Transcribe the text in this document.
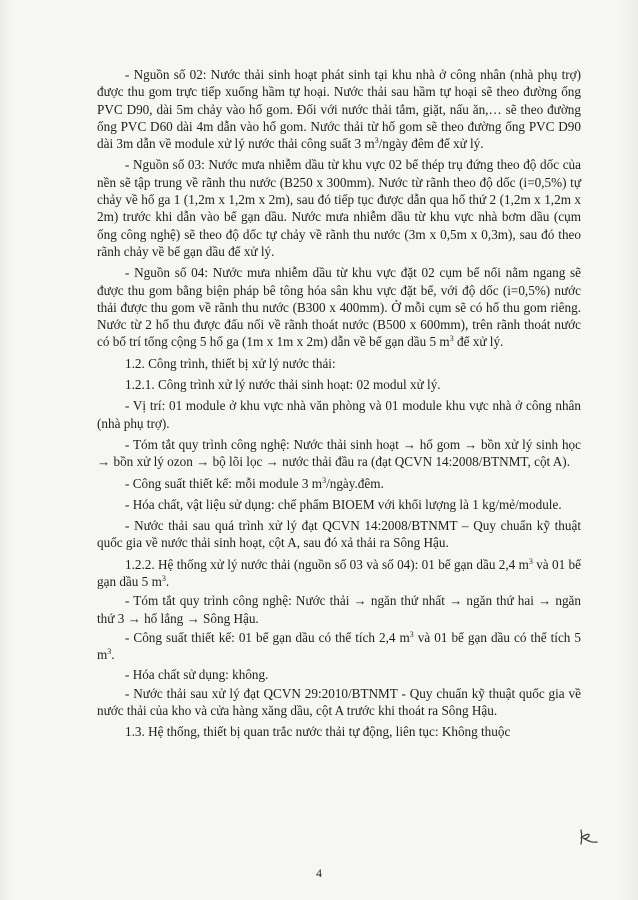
- Nguồn số 02: Nước thải sinh hoạt phát sinh tại khu nhà ở công nhân (nhà phụ trợ) được thu gom trực tiếp xuống hầm tự hoại. Nước thải sau hầm tự hoại sẽ theo đường ống PVC D90, dài 5m chảy vào hố gom. Đối với nước thải tắm, giặt, nấu ăn,… sẽ theo đường ống PVC D60 dài 4m dẫn vào hố gom. Nước thải từ hố gom sẽ theo đường ống PVC D90 dài 3m dẫn về module xử lý nước thải công suất 3 $m^3$/ngày đêm để xử lý.

- Nguồn số 03: Nước mưa nhiễm dầu từ khu vực 02 bể thép trụ đứng theo độ dốc của nền sẽ tập trung về rãnh thu nước (B250 x 300mm). Nước từ rãnh theo độ dốc (i=0,5%) tự chảy về hố ga 1 (1,2m x 1,2m x 2m), sau đó tiếp tục được dẫn qua hố thứ 2 (1,2m x 1,2m x 2m) trước khi dẫn vào bể gạn dầu. Nước mưa nhiễm dầu từ khu vực nhà bơm dầu (cụm ống công nghệ) sẽ theo độ dốc tự chảy về rãnh thu nước (3m x 0,5m x 0,3m), sau đó theo rãnh chảy về bể gạn dầu để xử lý.

- Nguồn số 04: Nước mưa nhiễm dầu từ khu vực đặt 02 cụm bể nổi nằm ngang sẽ được thu gom bằng biện pháp bê tông hóa sân khu vực đặt bể, với độ dốc (i=0,5%) nước thải được thu gom về rãnh thu nước (B300 x 400mm). Ở mỗi cụm sẽ có hố thu gom riêng. Nước từ 2 hố thu được đấu nối về rãnh thoát nước (B500 x 600mm), trên rãnh thoát nước có bố trí tổng cộng 5 hố ga (1m x 1m x 2m) dẫn về bể gạn dầu 5 $m^3$ để xử lý.

1.2. Công trình, thiết bị xử lý nước thải:

1.2.1. Công trình xử lý nước thải sinh hoạt: 02 modul xử lý.

- Vị trí: 01 module ở khu vực nhà văn phòng và 01 module khu vực nhà ở công nhân (nhà phụ trợ).

- Tóm tắt quy trình công nghệ: Nước thải sinh hoạt → hố gom → bồn xử lý sinh học → bồn xử lý ozon → bộ lõi lọc → nước thải đầu ra (đạt QCVN 14:2008/BTNMT, cột A).

- Công suất thiết kế: mỗi module 3 $m^3/ngày.đêm$.

- Hóa chất, vật liệu sử dụng: chế phẩm BIOEM với khối lượng là 1 kg/mẻ/module.

- Nước thải sau quá trình xử lý đạt QCVN 14:2008/BTNMT – Quy chuẩn kỹ thuật quốc gia về nước thải sinh hoạt, cột A, sau đó xả thải ra Sông Hậu.

1.2.2. Hệ thống xử lý nước thải (nguồn số 03 và số 04): 01 bể gạn dầu 2,4 $m^3$ và 01 bể gạn dầu 5 $m^3$.

- Tóm tắt quy trình công nghệ: Nước thải → ngăn thứ nhất → ngăn thứ hai → ngăn thứ 3 → hố lắng → Sông Hậu.

- Công suất thiết kế: 01 bể gạn dầu có thể tích 2,4 $m^3$ và 01 bể gạn dầu có thể tích 5 $m^3$.

- Hóa chất sử dụng: không.

- Nước thải sau xử lý đạt QCVN 29:2010/BTNMT - Quy chuẩn kỹ thuật quốc gia về nước thải của kho và cửa hàng xăng dầu, cột A trước khi thoát ra Sông Hậu.

1.3. Hệ thống, thiết bị quan trắc nước thải tự động, liên tục: Không thuộc

4
